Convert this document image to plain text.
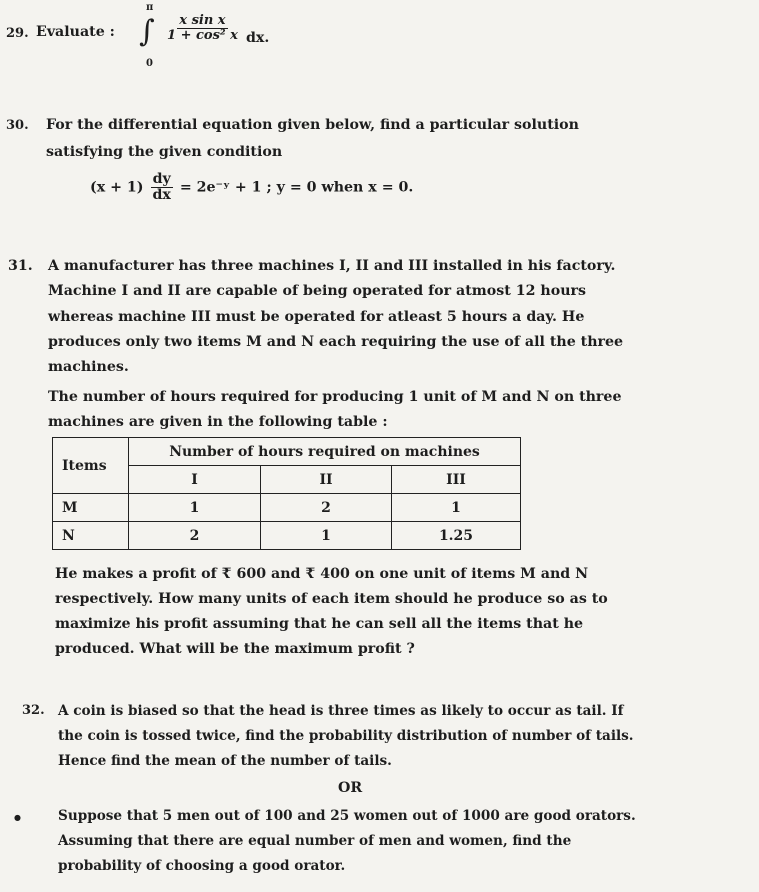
29. Evaluate : ∫
π
0
$\frac{\text{x sin x}}{\text{1 + cos² x}}$ dx.
30. For the differential equation given below, find a particular solution
satisfying the given condition
$(x + 1) \frac{dy}{dx}$ = 2e⁻ʸ + 1 ; y = 0 when x = 0.
31. A manufacturer has three machines I, II and III installed in his factory.
Machine I and II are capable of being operated for atmost 12 hours
whereas machine III must be operated for atleast 5 hours a day. He
produces only two items M and N each requiring the use of all the three
machines.
The number of hours required for producing 1 unit of M and N on three
machines are given in the following table :
Items	Number of hours required on machines		
	I	II	III
M	1	2	1
N	2	1	1.25
He makes a profit of ₹ 600 and ₹ 400 on one unit of items M and N
respectively. How many units of each item should he produce so as to
maximize his profit assuming that he can sell all the items that he
produced. What will be the maximum profit ?
32. A coin is biased so that the head is three times as likely to occur as tail. If
the coin is tossed twice, find the probability distribution of number of tails.
Hence find the mean of the number of tails.
OR
●	Suppose that 5 men out of 100 and 25 women out of 1000 are good orators.
Assuming that there are equal number of men and women, find the
probability of choosing a good orator.
